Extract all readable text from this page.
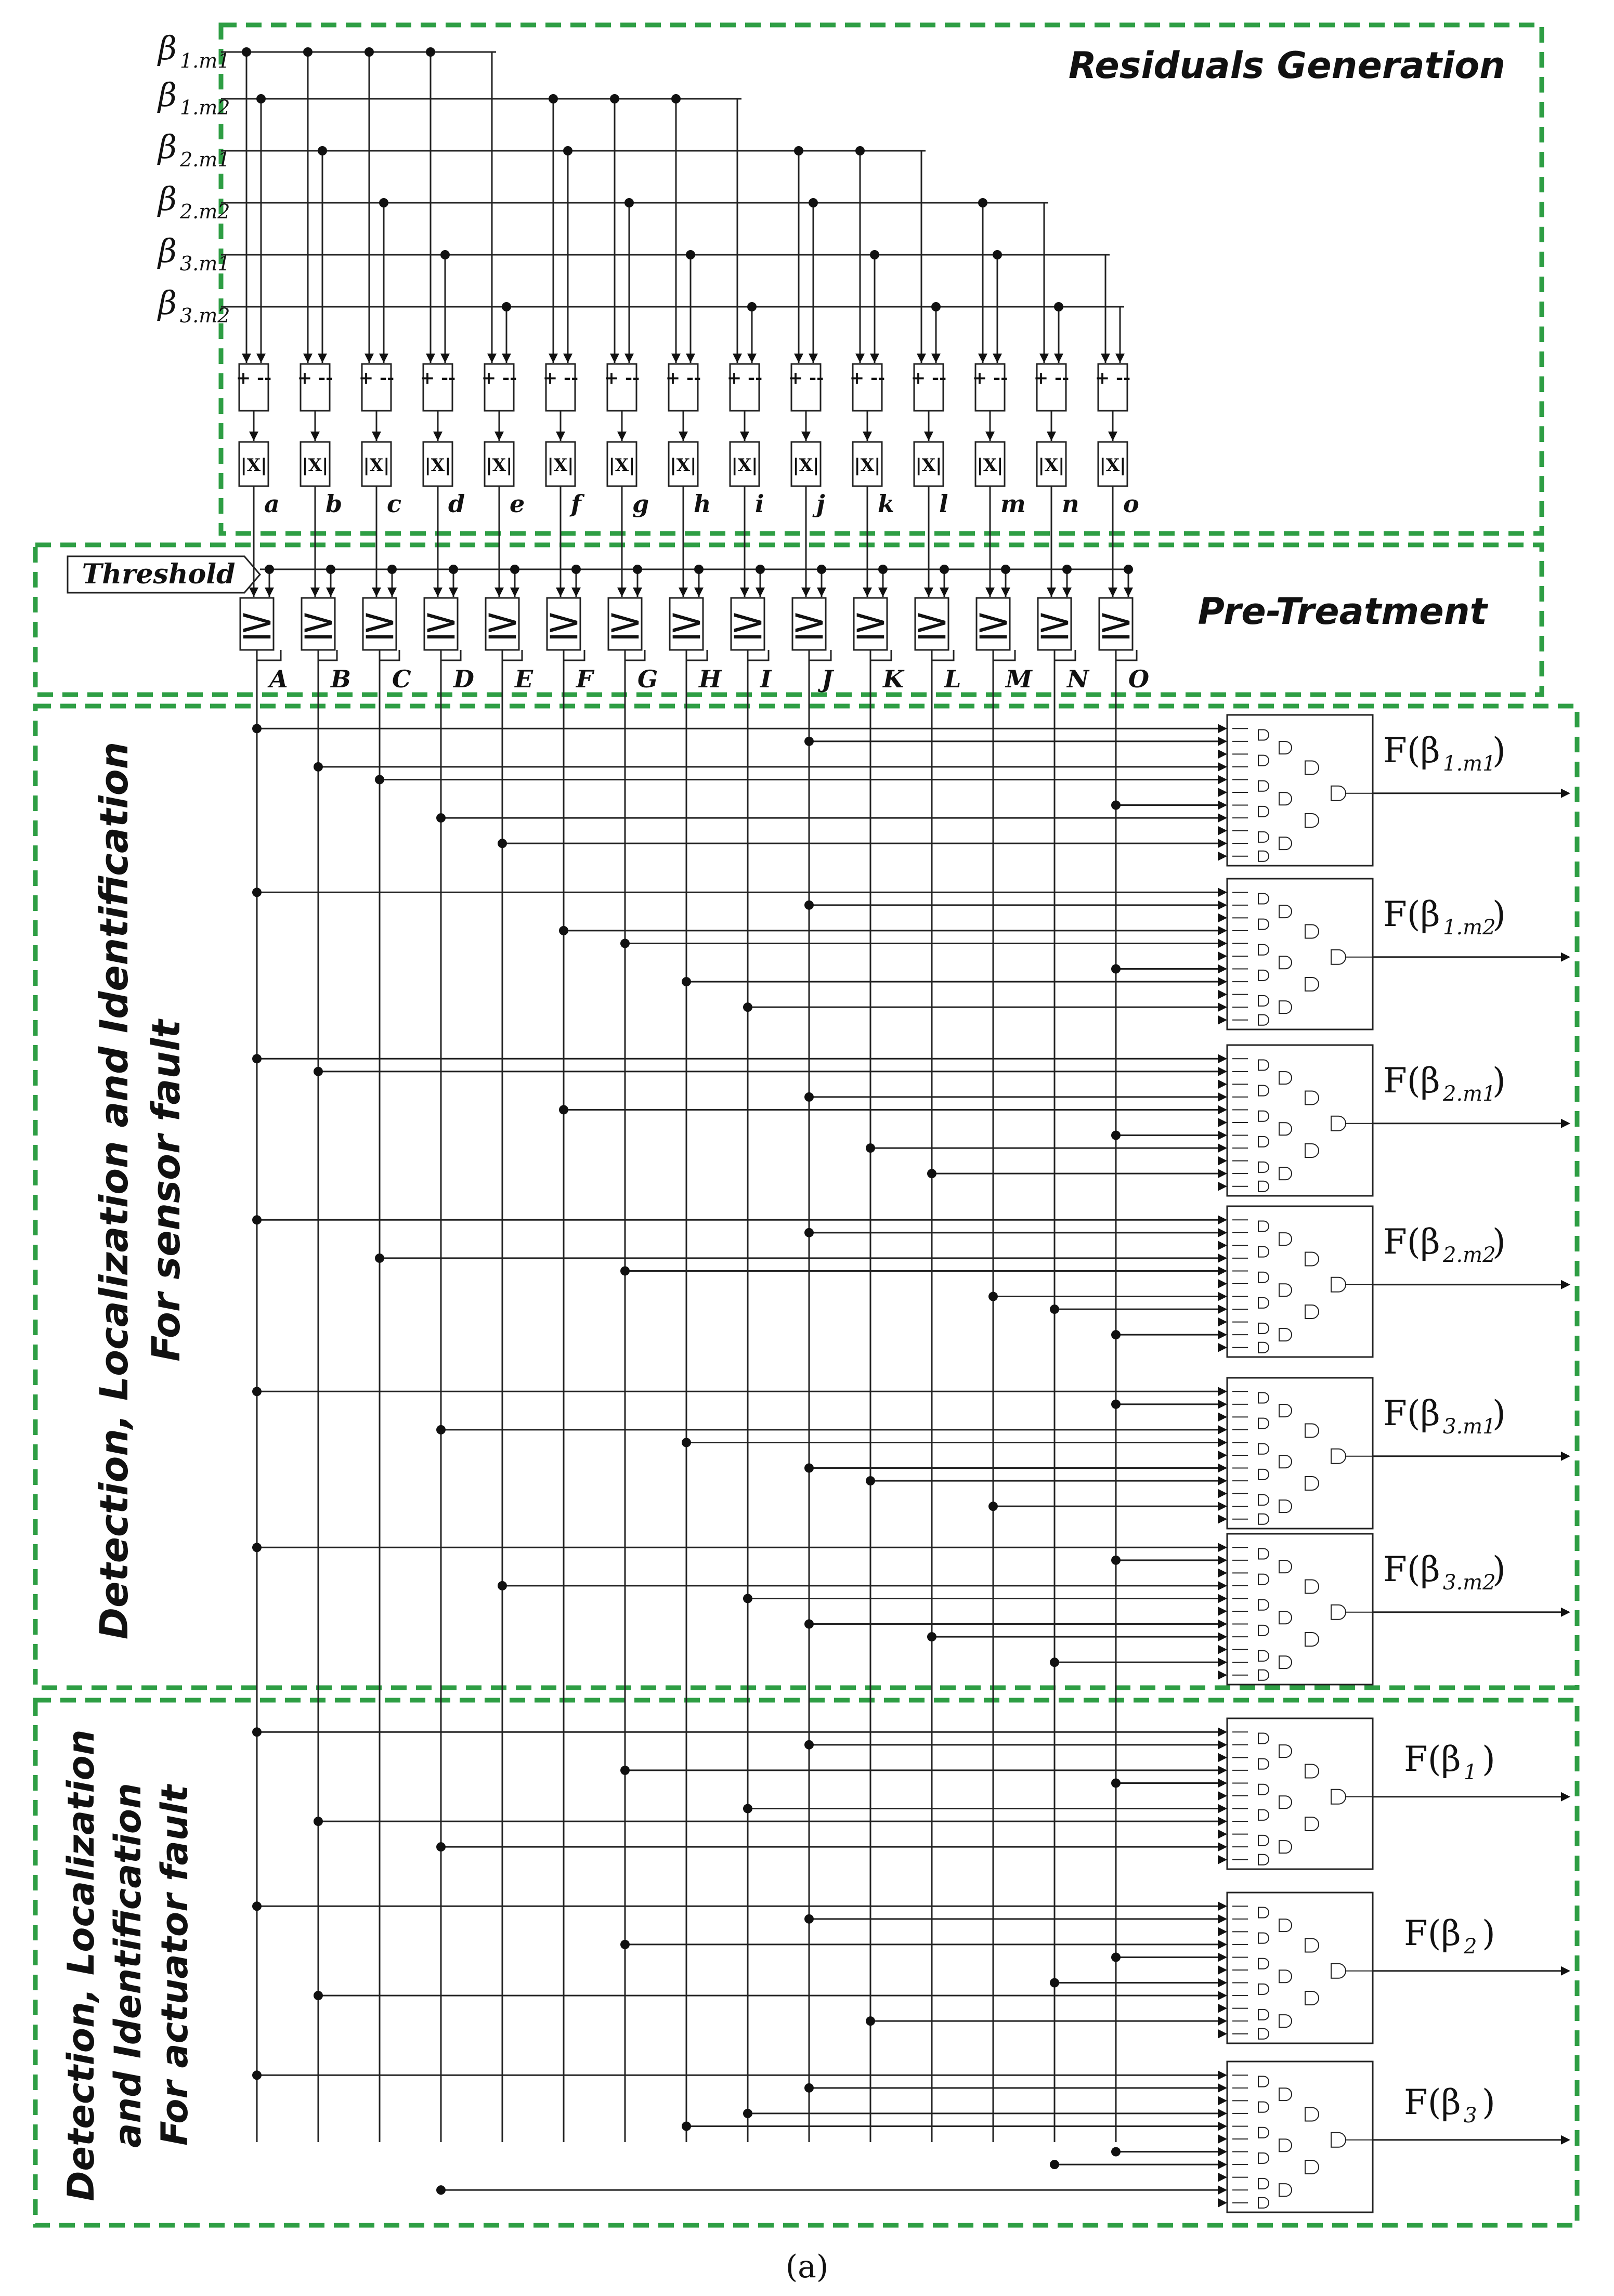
Residuals Generation
Pre-Treatment
Detection, Localization and Identification For sensor fault
Detection, Localization and Identification For actuator fault
Threshold
(a)
+ --
|X|
≥
+ --
|X|
≥
+ --
|X|
≥
+ --
|X|
≥
+ --
|X|
≥
+ --
|X|
≥
+ --
|X|
≥
+ --
|X|
≥
+ --
|X|
≥
+ --
|X|
≥
+ --
|X|
≥
+ --
|X|
≥
+ --
|X|
≥
+ --
|X|
≥
+ --
|X|
≥
β 1.m1
β 1.m2
β 2.m1
β 2.m2
β 3.m1
β 3.m2
a
A
b
B
c
C
d
D
e
E
f
F
g
G
h
H
i
I
j
J
k
K
l
L
m
M
n
N
o
O
F(β 1.m1
)
F(β 1.m2
)
F(β 2.m1
)
F(β 2.m2
)
F(β 3.m1
)
F(β 3.m2
)
F(β 1 )
F(β 2 )
F(β 3 )
